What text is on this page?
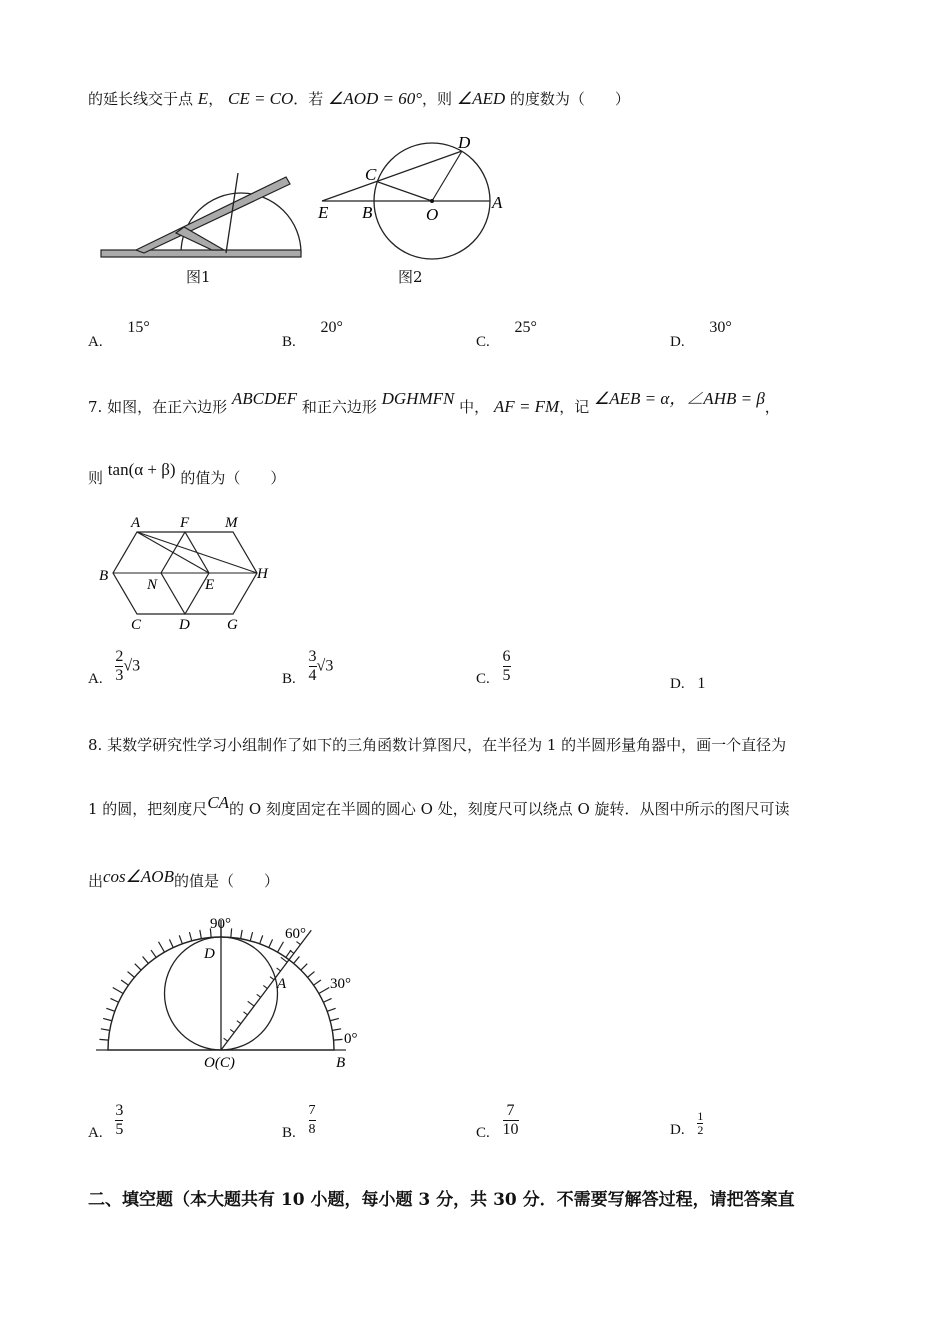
的延长线交于点 E， CE = CO．若 ∠AOD = 60°，则 ∠AED 的度数为（　　）
图1
D
C
E B	O
A
图2
A. 15°
B. 20°
C. 25°
D. 30°
7. 如图，在正六边形 ABCDEF 和正六边形 DGHMFN 中， AF = FM，记 ∠AEB = α，∠AHB = β，
则 tan(α + β) 的值为（　　）
A	F M
B
N	E
H
C	D G
A. $\frac{2}{3} √3$
B. $\frac{3}{4} √3$
C. $\frac{6}{5}$	D. 1
8. 某数学研究性学习小组制作了如下的三角函数计算图尺，在半径为 1 的半圆形量角器中，画一个直径为
1 的圆，把刻度尺CA的 O 刻度固定在半圆的圆心 O 处，刻度尺可以绕点 O 旋转．从图中所示的图尺可读
出cos∠AOB的值是（　　）
90°
60°
30°
0°
D
A
O(C)	B
A. $\frac{3}{5}$	B. $\frac{7}{8}$	C. $\frac{7}{10}$	D. $\frac{1}{2}$
二、填空题（本大题共有 10 小题，每小题 3 分，共 30 分．不需要写解答过程，请把答案直
